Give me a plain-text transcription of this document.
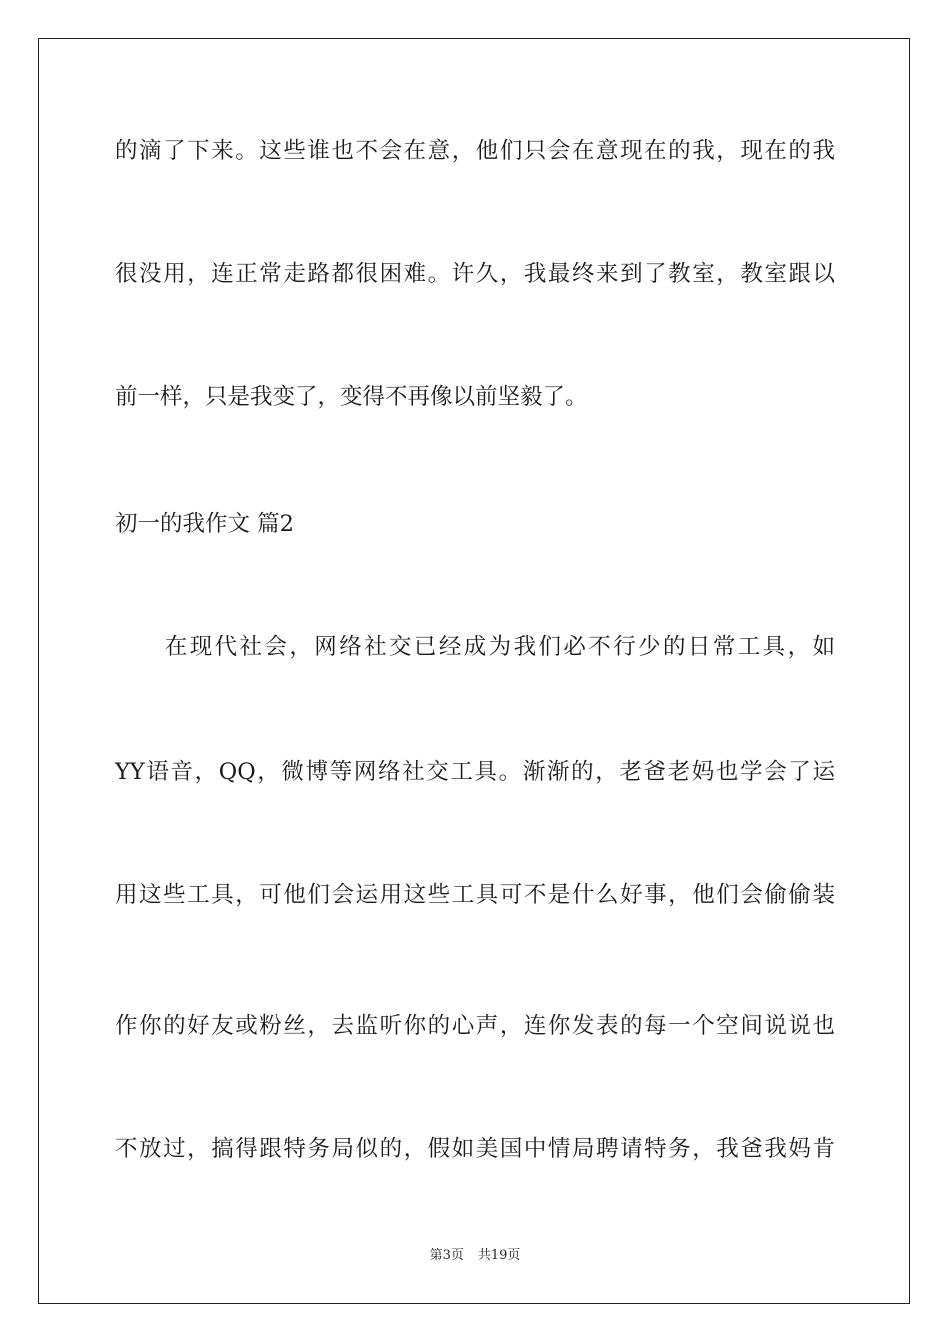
的滴了下来。这些谁也不会在意，他们只会在意现在的我，现在的我
很没用，连正常走路都很困难。许久，我最终来到了教室，教室跟以
前一样，只是我变了，变得不再像以前坚毅了。
初一的我作文 篇2
　　在现代社会，网络社交已经成为我们必不行少的日常工具，如
YY语音，QQ，微博等网络社交工具。渐渐的，老爸老妈也学会了运
用这些工具，可他们会运用这些工具可不是什么好事，他们会偷偷装
作你的好友或粉丝，去监听你的心声，连你发表的每一个空间说说也
不放过，搞得跟特务局似的，假如美国中情局聘请特务，我爸我妈肯
第3页 共19页
